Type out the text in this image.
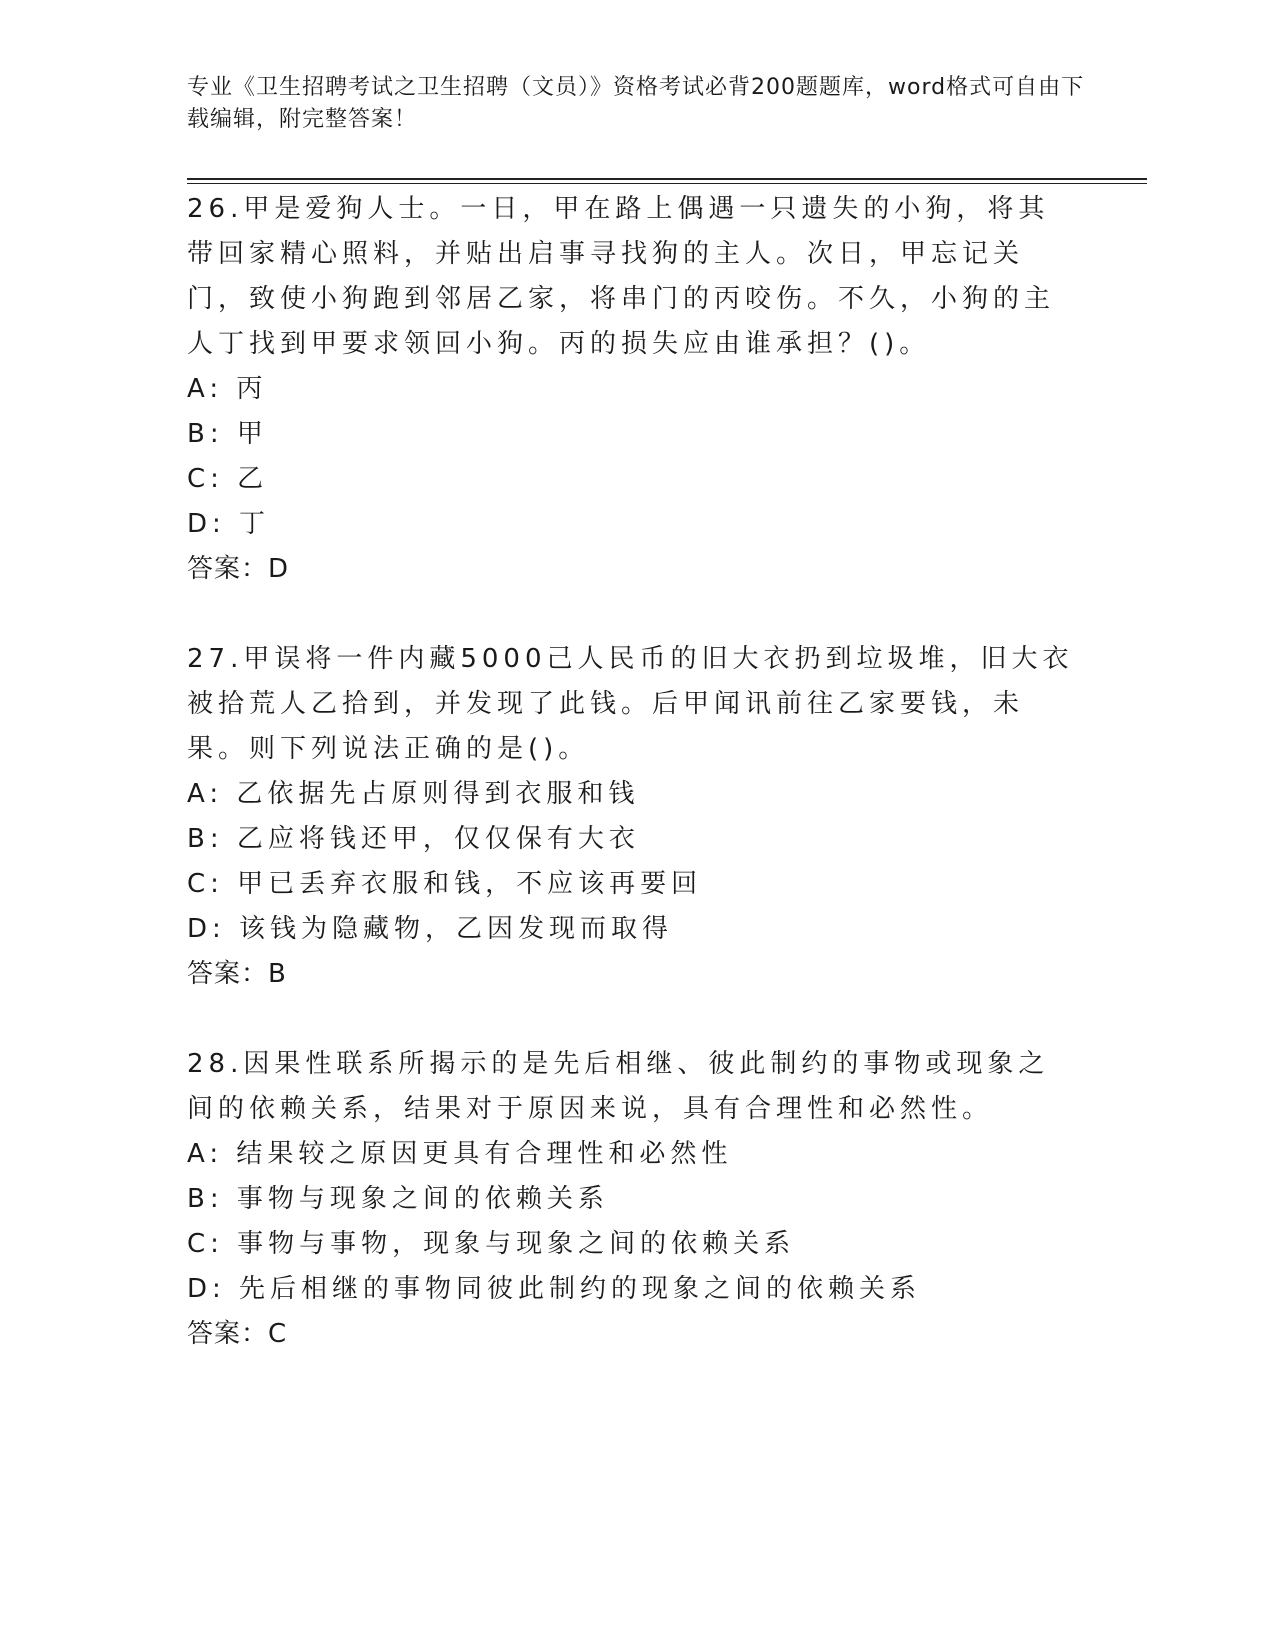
专业《卫生招聘考试之卫生招聘（文员）》资格考试必背200题题库，word格式可自由下载编辑，附完整答案！

26.甲是爱狗人士。一日，甲在路上偶遇一只遗失的小狗，将其带回家精心照料，并贴出启事寻找狗的主人。次日，甲忘记关门，致使小狗跑到邻居乙家，将串门的丙咬伤。不久，小狗的主人丁找到甲要求领回小狗。丙的损失应由谁承担？()。

A: 丙

B: 甲

C: 乙

D: 丁

答案：D

27.甲误将一件内藏5000己人民币的旧大衣扔到垃圾堆，旧大衣被拾荒人乙拾到，并发现了此钱。后甲闻讯前往乙家要钱，未果。则下列说法正确的是()。

A: 乙依据先占原则得到衣服和钱

B: 乙应将钱还甲，仅仅保有大衣

C: 甲已丢弃衣服和钱，不应该再要回

D: 该钱为隐藏物，乙因发现而取得

答案：B

28.因果性联系所揭示的是先后相继、彼此制约的事物或现象之间的依赖关系，结果对于原因来说，具有合理性和必然性。

A: 结果较之原因更具有合理性和必然性

B: 事物与现象之间的依赖关系

C: 事物与事物，现象与现象之间的依赖关系

D: 先后相继的事物同彼此制约的现象之间的依赖关系

答案：C
